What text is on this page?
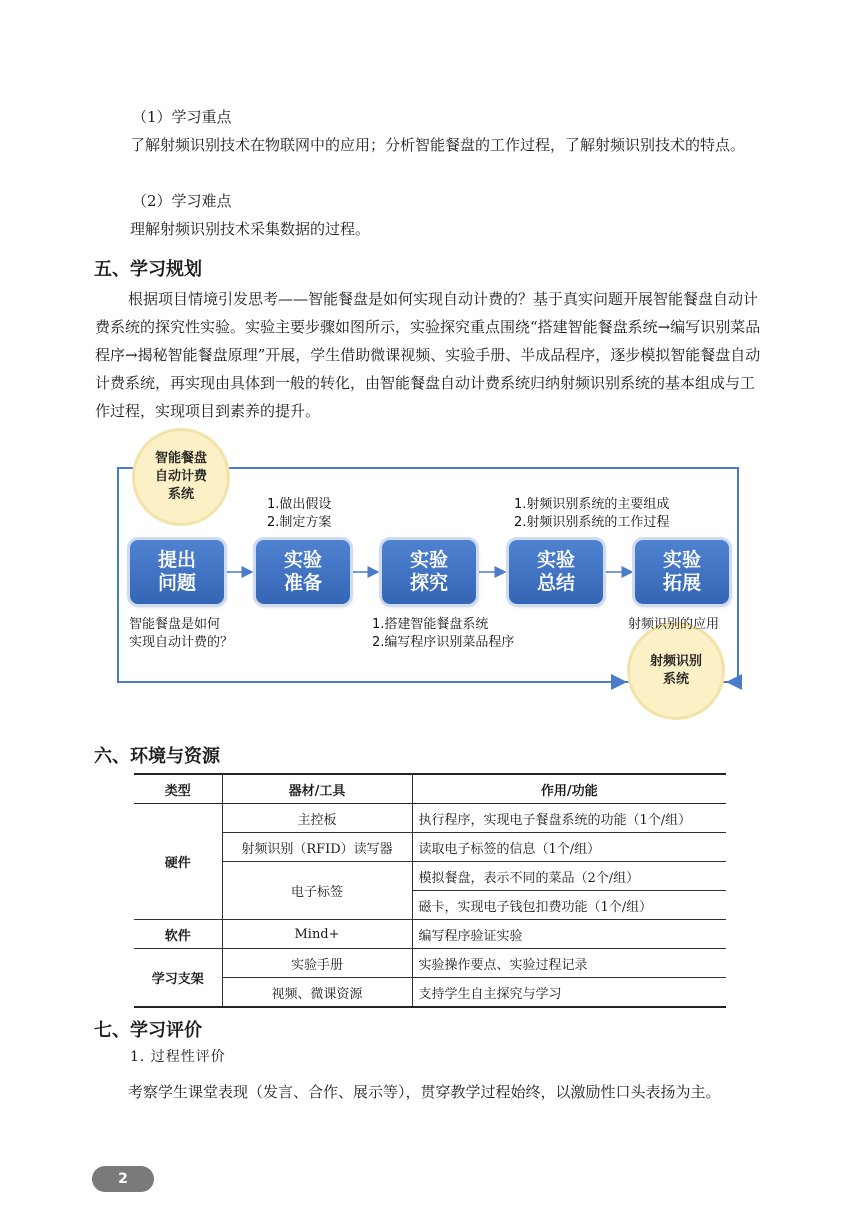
（1）学习重点

了解射频识别技术在物联网中的应用；分析智能餐盘的工作过程，了解射频识别技术的特点。

（2）学习难点

理解射频识别技术采集数据的过程。

五、学习规划

根据项目情境引发思考——智能餐盘是如何实现自动计费的？基于真实问题开展智能餐盘自动计费系统的探究性实验。实验主要步骤如图所示，实验探究重点围绕“搭建智能餐盘系统→编写识别菜品程序→揭秘智能餐盘原理”开展，学生借助微课视频、实验手册、半成品程序，逐步模拟智能餐盘自动计费系统，再实现由具体到一般的转化，由智能餐盘自动计费系统归纳射频识别系统的基本组成与工作过程，实现项目到素养的提升。

智能餐盘
自动计费
系统
射频识别
系统
提出
问题
实验
准备
实验
探究
实验
总结
实验
拓展
1.做出假设
2.制定方案
1.射频识别系统的主要组成
2.射频识别系统的工作过程
智能餐盘是如何
实现自动计费的？
1.搭建智能餐盘系统
2.编写程序识别菜品程序
射频识别的应用
六、环境与资源
类型	器材/工具	作用/功能
硬件	主控板	执行程序，实现电子餐盘系统的功能（1个/组）
	射频识别（RFID）读写器	读取电子标签的信息（1个/组）
	电子标签	模拟餐盘，表示不同的菜品（2个/组）
		磁卡，实现电子钱包扣费功能（1个/组）
软件	Mind+	编写程序验证实验
学习支架	实验手册	实验操作要点、实验过程记录
	视频、微课资源	支持学生自主探究与学习
七、学习评价
1. 过程性评价

考察学生课堂表现（发言、合作、展示等），贯穿教学过程始终，以激励性口头表扬为主。

2
